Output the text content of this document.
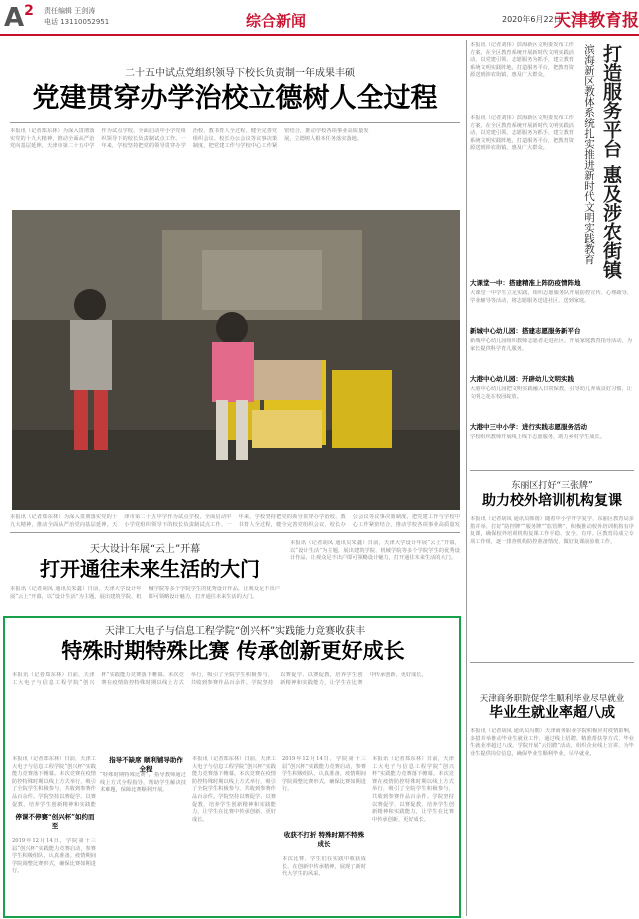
$A^2$ 责任编辑 王剑涛
电话 13110052951	综合新闻	2020年6月22日
天津教育报
二十五中试点党组织领导下校长负责制一年成果丰硕
党建贯穿办学治校立德树人全过程
本报讯（记者郑东林）为深入贯彻落实党的十九大精神，推动全面从严治党向基层延伸，天津市第二十五中学作为试点学校，全面启动中小学党组织领导下的校长负责制试点工作。一年来，学校坚持把党的领导贯穿办学治校、教书育人全过程，健全完善党组织会议、校长办公会议等议事决策制度，把党建工作与学校中心工作紧密结合，推动学校各项事业高质量发展，立德树人根本任务落实落地。
本报讯（记者郑东林）为深入贯彻落实党的十九大精神，推动全面从严治党向基层延伸，天津市第二十五中学作为试点学校，全面启动中小学党组织领导下的校长负责制试点工作。一年来，学校坚持把党的领导贯穿办学治校、教书育人全过程，健全完善党组织会议、校长办公会议等议事决策制度，把党建工作与学校中心工作紧密结合，推动学校各项事业高质量发
天大设计年展“云上”开幕
打开通往未来生活的大门
本报讯（记者胡凤 通讯员朱鑫）日前，天津大学设计年展“云上”开幕，以“设计生活”为主题，展出建筑学院、机械学院等多个学院学生的优秀设计作品，让观众足不出户即可领略设计魅力，打开通往未来生活的大门。
本报讯（记者胡凤 通讯员朱鑫）日前，天津大学设计年展“云上”开幕，以“设计生活”为主题，展出建筑学院、机械学院等多个学院学生的优秀设计作品，让观众足不出户即可领略设计魅力，打开通往未来生活的大门。
天津工大电子与信息工程学院“创兴杯”实践能力竞赛收获丰
特殊时期特殊比赛 传承创新更好成长
本报讯（记者郑东林）日前，天津工大电子与信息工程学院“创兴杯”实践能力竞赛落下帷幕。本次竞赛在疫情防控特殊时期以线上方式举行，吸引了全院学生积极参与，共收到参赛作品百余件。学院坚持以赛促学、以赛促教，培养学生创新精神和实践能力，让学生在比赛中传承创新、更好成长。
指导不缺席 顺利铺导助作全程
“特殊时期特殊比赛”，指导教师通过线上方式全程指导，帮助学生解决技术难题，保障比赛顺利开展。
停课不停赛“创兴杯”如约而至
2019年12月14日，学院第十三届“创兴杯”实践能力竞赛启动，参赛学生积极组队，认真准备。疫情期间学院调整比赛形式，确保比赛如期进行。
本报讯（记者郑东林）日前，天津工大电子与信息工程学院“创兴杯”实践能力竞赛落下帷幕。本次竞赛在疫情防控特殊时期以线上方式举行，吸引了全院学生积极参与，共收到参赛作品百余件。学院坚持以赛促学、以赛促教，培养学生创新精神和实践能
本报讯（记者郑东林）日前，天津工大电子与信息工程学院“创兴杯”实践能力竞赛落下帷幕。本次竞赛在疫情防控特殊时期以线上方式举行，吸引了全院学生积极参与，共收到参赛作品百余件。学院坚持以赛促学、以赛促教，培养学生创新精神和实践能力，让学生在比赛中传承创新、更好成长。
收获不打折 特殊时期不特殊成长
2019年12月14日，学院第十三届“创兴杯”实践能力竞赛启动，参赛学生积极组队，认真准备。疫情期间学院调整比赛形式，确保比赛如期进行。
本次比赛，学生们在实践中收获成长，在创新中传承精神，展现了新时代大学生的风采。
本报讯（记者郑东林）日前，天津工大电子与信息工程学院“创兴杯”实践能力竞赛落下帷幕。本次竞赛在疫情防控特殊时期以线上方式举行，吸引了全院学生积极参与，共收到参赛作品百余件。学院坚持以赛促学、以赛促教，培养学生创新精神和实践能力，让学生在比赛中传承创新、更好成长。
本报讯（记者刘伟）滨海新区文明委发布工作方案，在全区教育系统开展新时代文明实践活动，以党建引领、志愿服务为抓手，建立教育系统文明实践阵地，打造服务平台，把教育资源送到涉农街镇，惠及广大群众。	打造服务平台 惠及涉农街镇
滨海新区教体系统扎实推进新时代文明实践教育
本报讯（记者刘伟）滨海新区文明委发布工作方案，在全区教育系统开展新时代文明实践活动，以党建引领、志愿服务为抓手，建立教育系统文明实践阵地，打造服务平台，把教育资源送到涉农街镇，惠及广大群众。
大课堂一中：搭建精准上阵防疫情阵地
大课堂一中学生立足实践，组织志愿服务队开展防控宣传、心理疏导、学业辅导等活动，将志愿服务送进社区、送到家庭。
新城中心幼儿园：搭建志愿服务新平台
新城中心幼儿园组织教师志愿者走进社区，开展家庭教育指导活动，为家长提供科学育儿服务。
大港中心幼儿园：开辟幼儿文明实践
大港中心幼儿园把文明实践融入日常保教，引导幼儿养成良好习惯，让文明之花在校园绽放。
大港中三中小学：进行实践志愿服务活动
学校组织教师开展线上线下志愿服务，助力乡村学生成长。
东丽区打好“三张牌”
助力校外培训机构复课
本报讯（记者胡凤 通讯员韩雨）随着中小学开学复学，东丽区教育局多措并举，打好“防控牌”“服务牌”“监管牌”，积极推动校外培训机构有序复课，确保校外培训机构复课工作平稳、安全、有序。区教育局成立专项工作组，逐一排查机构防控准备情况，做好复课前验收工作。
天津商务职院促学生顺利毕业尽早就业
毕业生就业率超八成
本报讯（记者胡凤 通讯员冯朝）天津商务职业学院积极应对疫情影响，多措并举推动毕业生就业工作，通过线上招聘、精准帮扶等方式，毕业生就业率超过八成。学院开展“云招聘”活动，组织企业线上宣讲，为毕业生提供岗位信息，确保毕业生顺利毕业、尽早就业。
